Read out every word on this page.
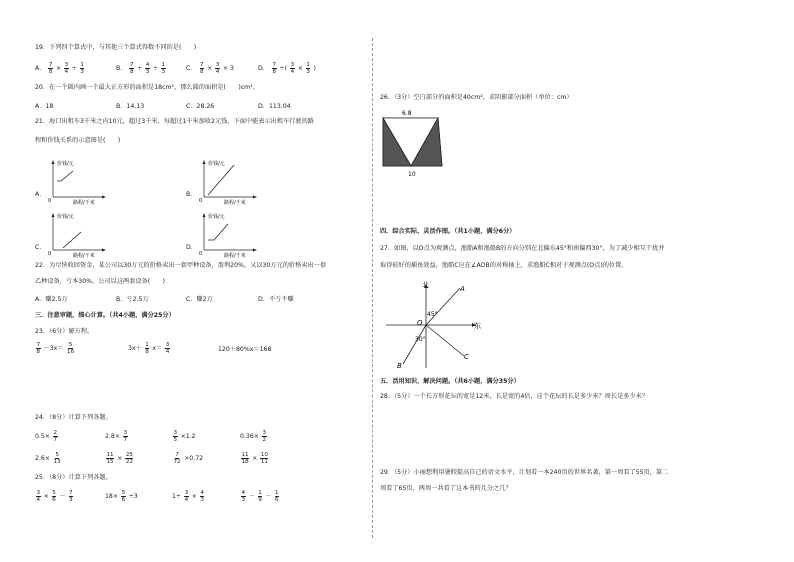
19．下列四个算式中，与其他三个算式得数不同的是(　　)
A． $\frac{7}{8} \times \frac{3}{4} \div \frac{1}{3}$	B． $\frac{7}{8} \div \frac{4}{3} \div \frac{1}{3}$	C． $\frac{7}{8} \times \frac{3}{4} \times 3$	D． $\frac{7}{8}$ ÷( $\frac{3}{4} \times \frac{1}{3}$ )
20．在一个圆内画一个最大正方形的面积是18cm²，那么圆的面积是(　　)cm²。
A．18	B．14.13	C．28.26	D．113.04
21．海口出租车3千米之内10元，超过3千米，每超过1千米加收2元钱，下面中能表示出租车行驶的路
程和价钱关系的示意图是(　　)
A．
价钱/元
路程/千米
0
B．
价钱/元
路程/千米
0
C．
价钱/元
路程/千米
0
D．
价钱/元
路程/千米
0
22．为尽快收回资金，某公司以30万元的价格卖出一套甲种设备，盈利20%，又以30万元的价格卖出一套
乙种设备，亏本30%，公司以这两套设备(　　)
A．赚2.5万	B．亏2.5万	C．赚2万	D．不亏不赚
三．注意审题，细心计算。（共4小题，满分25分）
23．（6分）解方程。
$\frac{7}{8} -3x= \frac{5}{16}$	$3x+ \frac{1}{8} x= \frac{3}{4}$	120＋80%x＝168
24．（8分）计算下列各题。
$0.5\times \frac{2}{7}$	$2.8\times \frac{3}{7}$	$\frac{3}{5} \times 1.2$	$0.36\times \frac{3}{2}$
$2.6\times \frac{5}{13}$	$\frac{11}{15} \times \frac{25}{22}$	$\frac{7}{72} \times 0.72$	$\frac{11}{18} \times \frac{10}{11}$
25．（8分）计算下列各题。
$\frac{3}{4} \times \frac{5}{6} - \frac{7}{3}$	$18\times \frac{5}{6} \div 3$	$1\div \frac{3}{4} \times \frac{4}{3}$	$\frac{4}{3} - \frac{1}{9} - \frac{1}{6}$
26．（3分）空白部分的面积是40cm²，求阴影部分面积（单位：cm）
6.8
10
四．综合实际，灵活作图。（共1小题，满分6分）
27．如图，以O点为观测点，渔船A和渔船B的方向分别在北偏东45°和南偏西30°，为了减少相互干扰并
取得较好的捕鱼效益，渔船C应在∠AOB的对称轴上，求渔船C相对于观测点(O点)的位置。
北
东
A
B
C
O
45°
30°
五．活用知识，解决问题。（共6小题，满分35分）
28．（5分）一个长方形花坛的宽是12米，长是宽的4倍，这个花坛的长是多少米？周长是多少米？
29．（5分）小丽想利用暑假提高自己的语文水平，计划看一本240页的世界名著，第一周看了55页，第二
周看了65页，两周一共看了这本书的几分之几？
